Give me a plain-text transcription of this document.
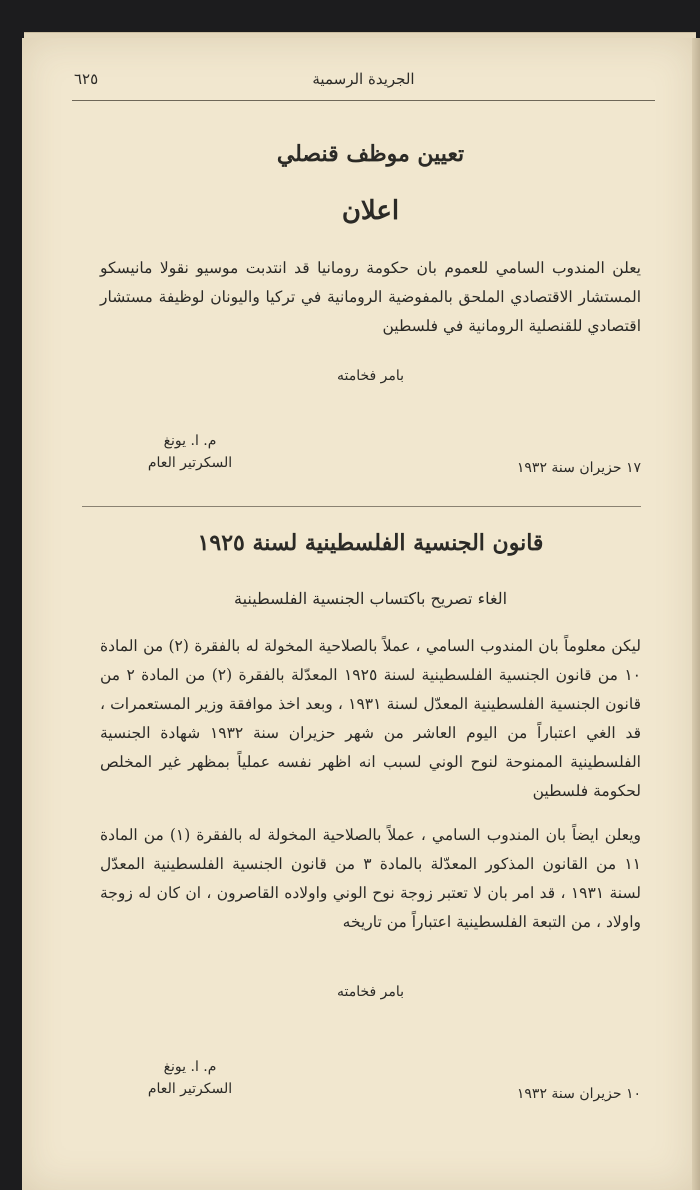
٦٢٥	الجريدة الرسمية
تعيين موظف قنصلي
اعلان
يعلن المندوب السامي للعموم بان حكومة رومانيا قد انتدبت موسيو نقولا مانيسكو المستشار الاقتصادي الملحق بالمفوضية الرومانية في تركيا واليونان لوظيفة مستشار اقتصادي للقنصلية الرومانية في فلسطين
بامر فخامته
م. ا. يونغ
السكرتير العام	١٧ حزيران سنة ١٩٣٢
قانون الجنسية الفلسطينية لسنة ١٩٢٥
الغاء تصريح باكتساب الجنسية الفلسطينية
ليكن معلوماً بان المندوب السامي ، عملاً بالصلاحية المخولة له بالفقرة (٢) من المادة ١٠ من قانون الجنسية الفلسطينية لسنة ١٩٢٥ المعدّلة بالفقرة (٢) من المادة ٢ من قانون الجنسية الفلسطينية المعدّل لسنة ١٩٣١ ، وبعد اخذ موافقة وزير المستعمرات ، قد الغي اعتباراً من اليوم العاشر من شهر حزيران سنة ١٩٣٢ شهادة الجنسية الفلسطينية الممنوحة لنوح الوني لسبب انه اظهر نفسه عملياً بمظهر غير المخلص لحكومة فلسطين
ويعلن ايضاً بان المندوب السامي ، عملاً بالصلاحية المخولة له بالفقرة (١) من المادة ١١ من القانون المذكور المعدّلة بالمادة ٣ من قانون الجنسية الفلسطينية المعدّل لسنة ١٩٣١ ، قد امر بان لا تعتبر زوجة نوح الوني واولاده القاصرون ، ان كان له زوجة واولاد ، من التبعة الفلسطينية اعتباراً من تاريخه
بامر فخامته
م. ا. يونغ
السكرتير العام	١٠ حزيران سنة ١٩٣٢
